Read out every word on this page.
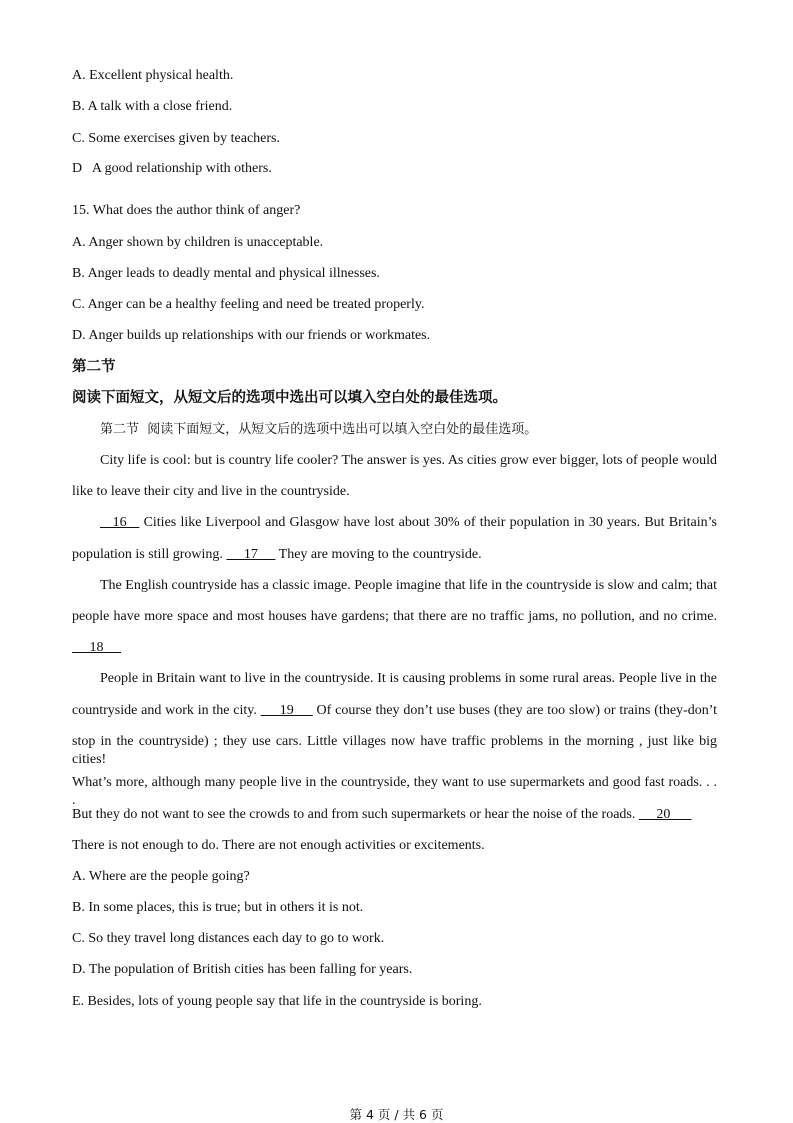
A. Excellent physical health.
B. A talk with a close friend.
C. Some exercises given by teachers.
D   A good relationship with others.
15. What does the author think of anger?
A. Anger shown by children is unacceptable.
B. Anger leads to deadly mental and physical illnesses.
C. Anger can be a healthy feeling and need be treated properly.
D. Anger builds up relationships with our friends or workmates.
第二节
阅读下面短文，从短文后的选项中选出可以填入空白处的最佳选项。
第二节  阅读下面短文，从短文后的选项中选出可以填入空白处的最佳选项。
City life is cool: but is country life cooler? The answer is yes. As cities grow ever bigger, lots of people would
like to leave their city and live in the countryside.
16    Cities like Liverpool and Glasgow have lost about 30% of their population in 30 years. But Britain’s
population is still growing.      17      They are moving to the countryside.
The English countryside has a classic image. People imagine that life in the countryside is slow and calm; that
people have more space and most houses have gardens; that there are no traffic jams, no pollution, and no crime.
18
People in Britain want to live in the countryside. It is causing problems in some rural areas. People live in the
countryside and work in the city.      19      Of course they don’t use buses (they are too slow) or trains (they-don’t
stop in the countryside) ; they use cars. Little villages now have traffic problems in the morning , just like big cities!
What’s more, although many people live in the countryside, they want to use supermarkets and good fast roads. . . .
But they do not want to see the crowds to and from such supermarkets or hear the noise of the roads.      20
There is not enough to do. There are not enough activities or excitements.
A. Where are the people going?
B. In some places, this is true; but in others it is not.
C. So they travel long distances each day to go to work.
D. The population of British cities has been falling for years.
E. Besides, lots of young people say that life in the countryside is boring.
第 4 页 / 共 6 页
